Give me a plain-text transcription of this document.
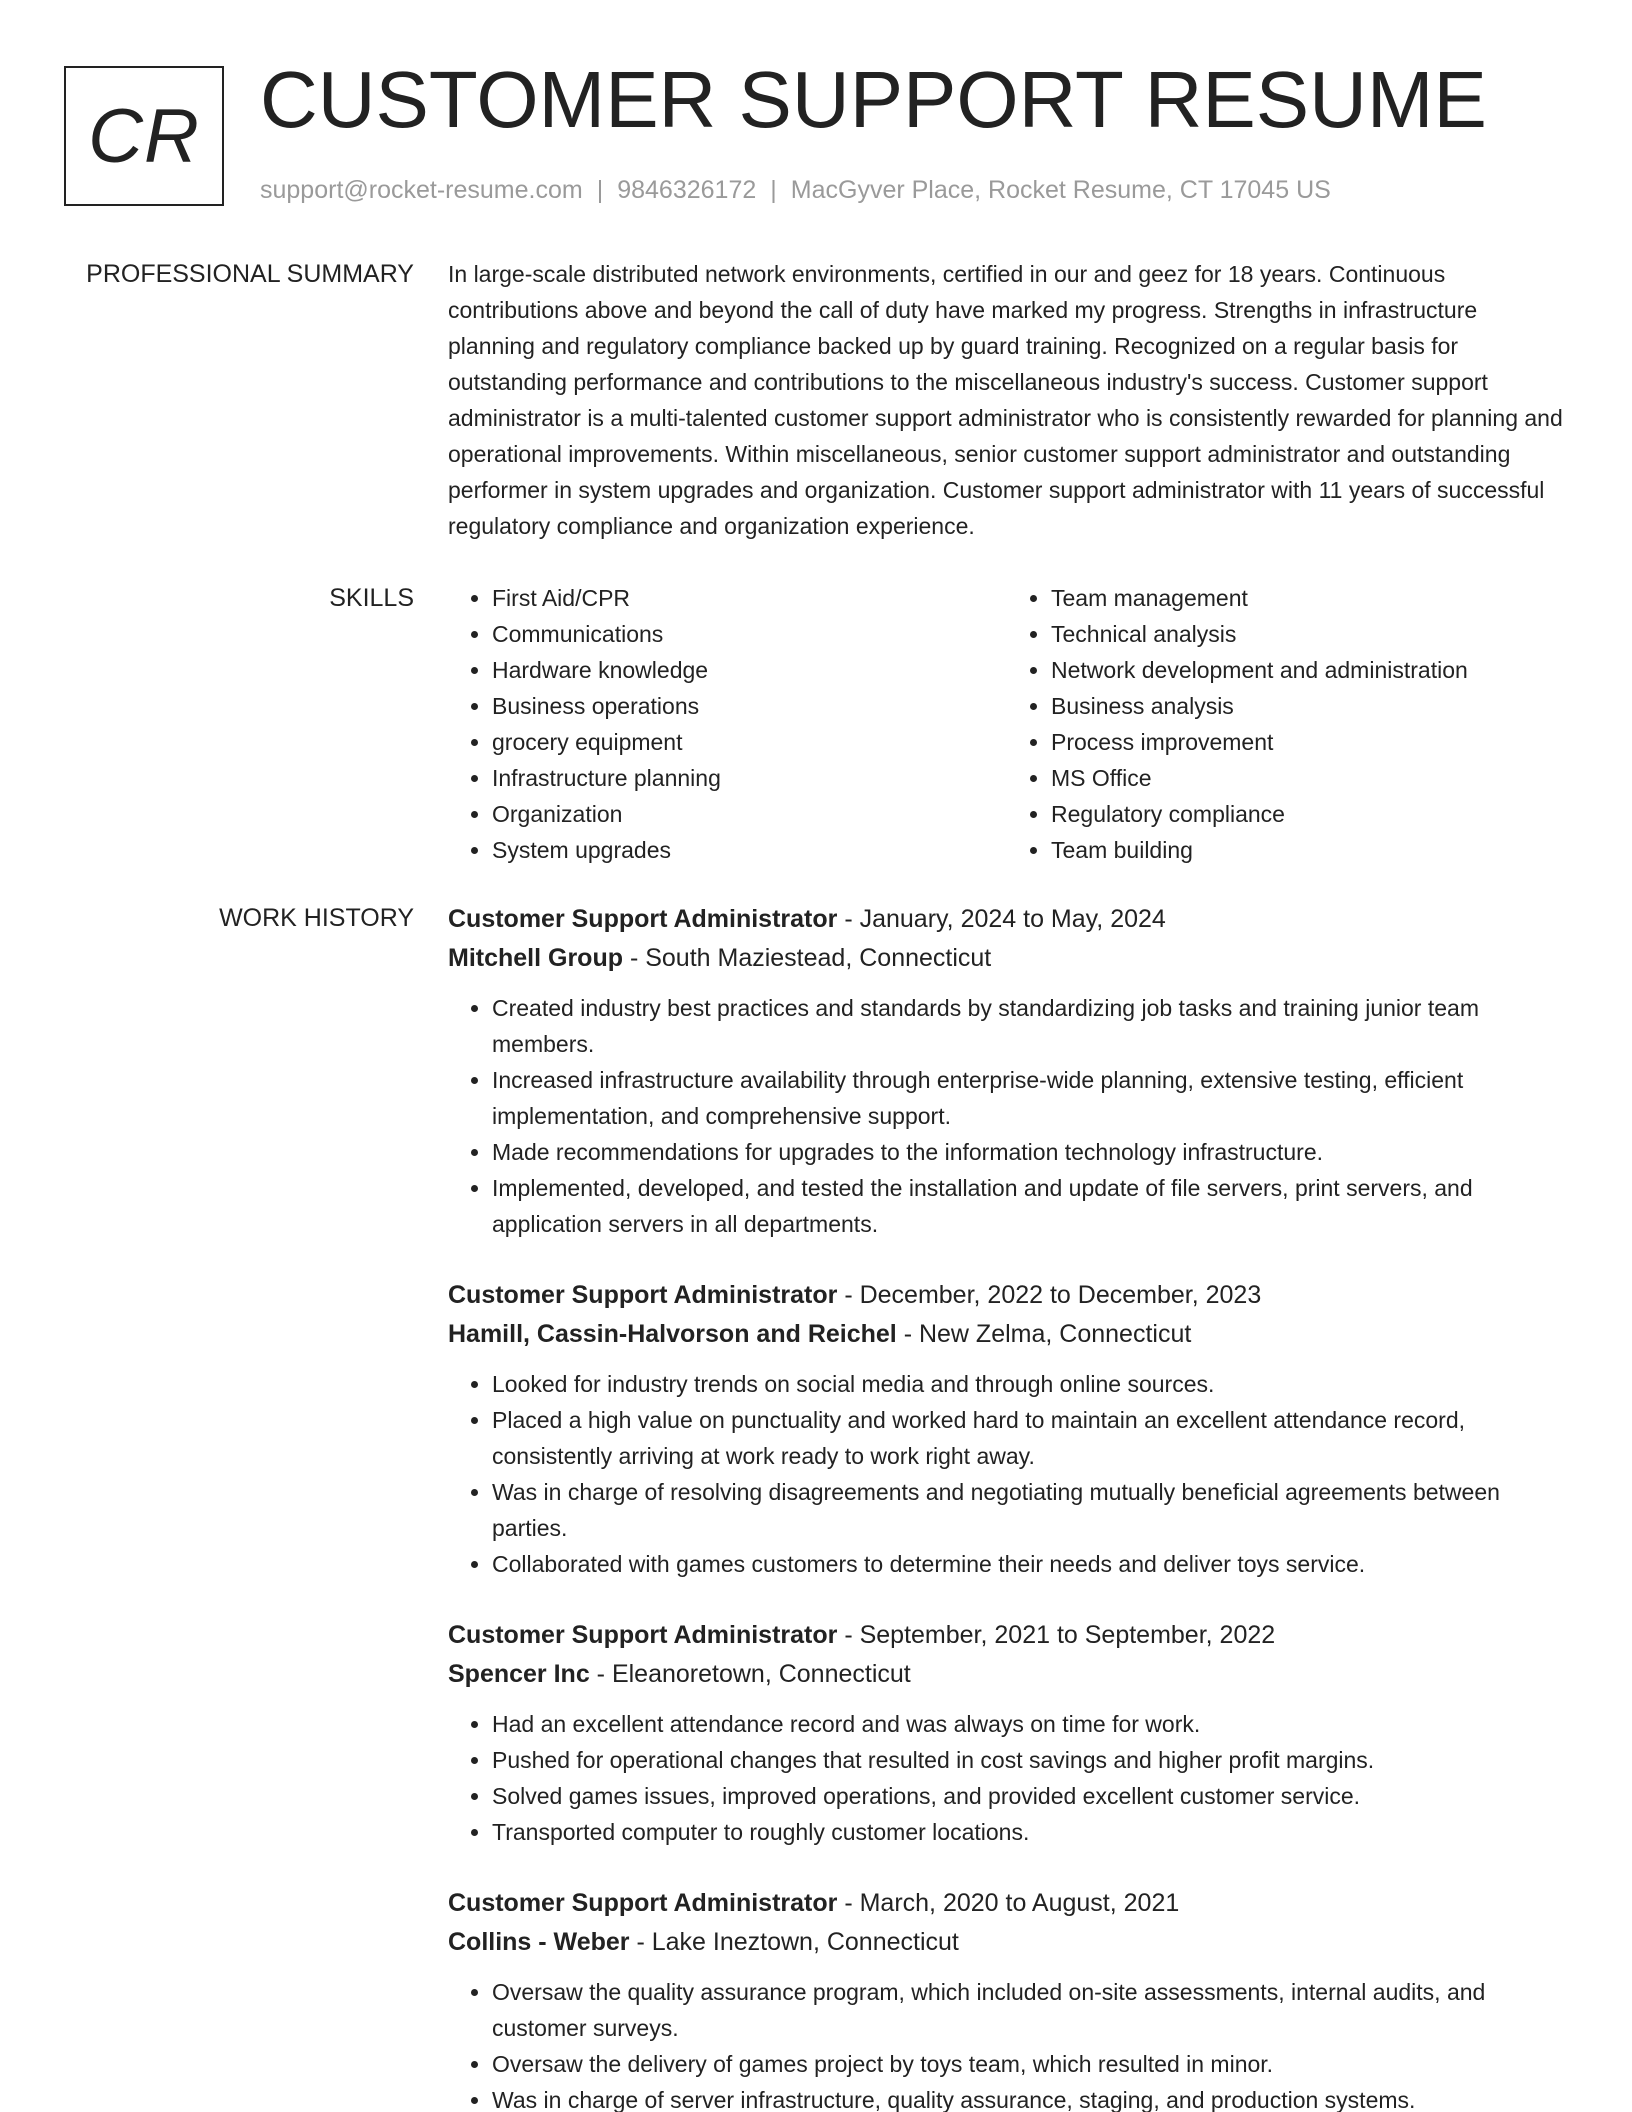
CR CUSTOMER SUPPORT RESUME
support@rocket-resume.com | 9846326172 | MacGyver Place, Rocket Resume, CT 17045 US
PROFESSIONAL SUMMARY In large-scale distributed network environments, certified in our and geez for 18 years. Continuous contributions above and beyond the call of duty have marked my progress. Strengths in infrastructure planning and regulatory compliance backed up by guard training. Recognized on a regular basis for outstanding performance and contributions to the miscellaneous industry's success. Customer support administrator is a multi-talented customer support administrator who is consistently rewarded for planning and operational improvements. Within miscellaneous, senior customer support administrator and outstanding performer in system upgrades and organization. Customer support administrator with 11 years of successful regulatory compliance and organization experience.

SKILLS
•	First Aid/CPR
• Communications
• Hardware knowledge
• Business operations
• grocery equipment
• Infrastructure planning
• Organization
• System upgrades
• Team management
• Technical analysis
• Network development and administration
• Business analysis
• Process improvement
• MS Office
• Regulatory compliance
• Team building
WORK HISTORY Customer Support Administrator - January, 2024 to May, 2024
Mitchell Group - South Maziestead, Connecticut
• Created industry best practices and standards by standardizing job tasks and training junior team members.
• Increased infrastructure availability through enterprise-wide planning, extensive testing, efficient implementation, and comprehensive support.
• Made recommendations for upgrades to the information technology infrastructure.
• Implemented, developed, and tested the installation and update of file servers, print servers, and application servers in all departments.
Customer Support Administrator - December, 2022 to December, 2023
Hamill, Cassin-Halvorson and Reichel - New Zelma, Connecticut
• Looked for industry trends on social media and through online sources.
• Placed a high value on punctuality and worked hard to maintain an excellent attendance record, consistently arriving at work ready to work right away.
• Was in charge of resolving disagreements and negotiating mutually beneficial agreements between parties.
• Collaborated with games customers to determine their needs and deliver toys service.
Customer Support Administrator - September, 2021 to September, 2022
Spencer Inc - Eleanoretown, Connecticut
• Had an excellent attendance record and was always on time for work.
• Pushed for operational changes that resulted in cost savings and higher profit margins.
• Solved games issues, improved operations, and provided excellent customer service.
• Transported computer to roughly customer locations.
Customer Support Administrator - March, 2020 to August, 2021
Collins - Weber - Lake Ineztown, Connecticut
• Oversaw the quality assurance program, which included on-site assessments, internal audits, and customer surveys.
• Oversaw the delivery of games project by toys team, which resulted in minor.
• Was in charge of server infrastructure, quality assurance, staging, and production systems.
